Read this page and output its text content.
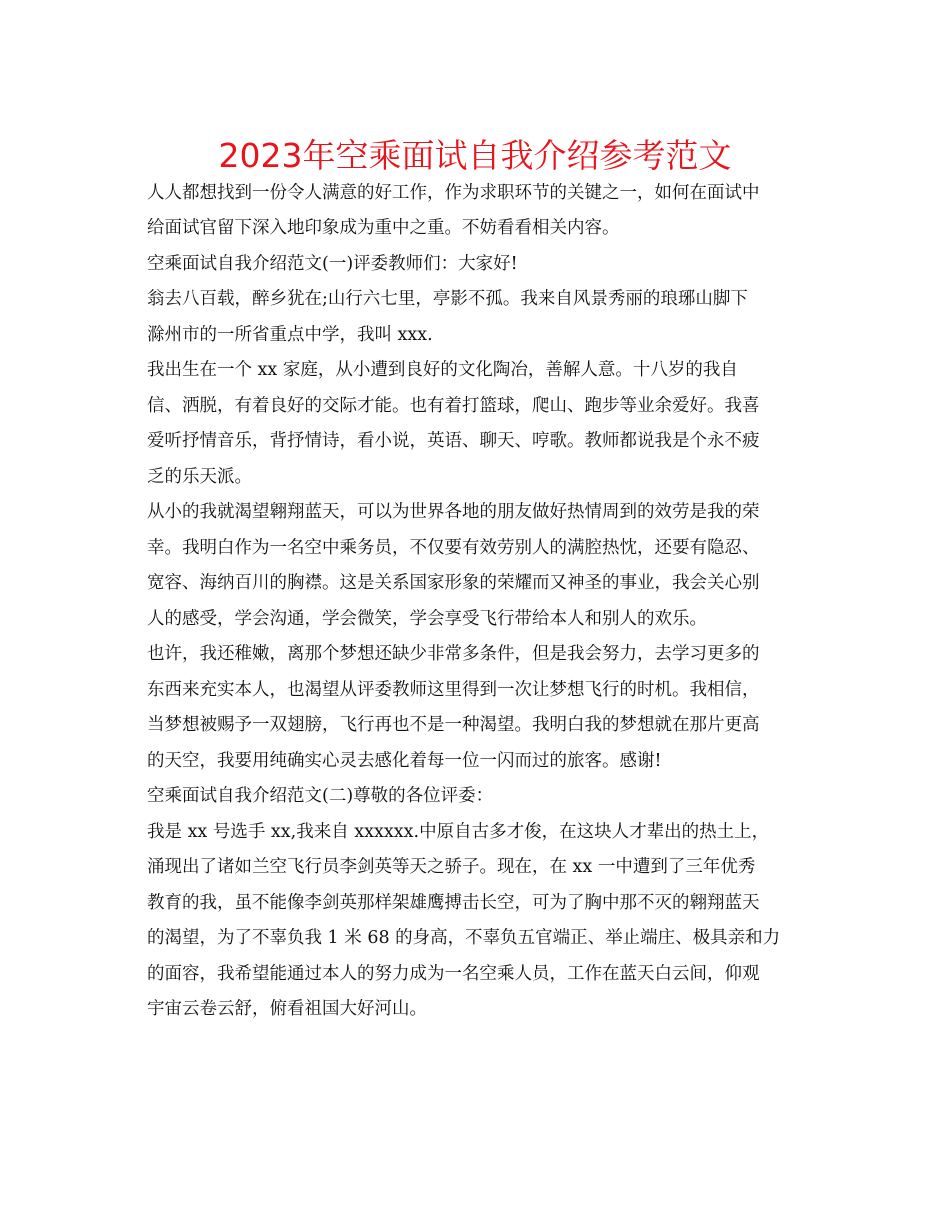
2023年空乘面试自我介绍参考范文
人人都想找到一份令人满意的好工作，作为求职环节的关键之一，如何在面试中
给面试官留下深入地印象成为重中之重。不妨看看相关内容。
空乘面试自我介绍范文(一)评委教师们：大家好!
翁去八百载，醉乡犹在;山行六七里，亭影不孤。我来自风景秀丽的琅琊山脚下
滁州市的一所省重点中学，我叫 xxx.
我出生在一个 xx 家庭，从小遭到良好的文化陶冶，善解人意。十八岁的我自
信、洒脱，有着良好的交际才能。也有着打篮球，爬山、跑步等业余爱好。我喜
爱听抒情音乐，背抒情诗，看小说，英语、聊天、哼歌。教师都说我是个永不疲
乏的乐天派。
从小的我就渴望翱翔蓝天，可以为世界各地的朋友做好热情周到的效劳是我的荣
幸。我明白作为一名空中乘务员，不仅要有效劳别人的满腔热忱，还要有隐忍、
宽容、海纳百川的胸襟。这是关系国家形象的荣耀而又神圣的事业，我会关心别
人的感受，学会沟通，学会微笑，学会享受飞行带给本人和别人的欢乐。
也许，我还稚嫩，离那个梦想还缺少非常多条件，但是我会努力，去学习更多的
东西来充实本人，也渴望从评委教师这里得到一次让梦想飞行的时机。我相信，
当梦想被赐予一双翅膀，飞行再也不是一种渴望。我明白我的梦想就在那片更高
的天空，我要用纯确实心灵去感化着每一位一闪而过的旅客。感谢!
空乘面试自我介绍范文(二)尊敬的各位评委：
我是 xx 号选手 xx,我来自 xxxxxx.中原自古多才俊，在这块人才辈出的热土上，
涌现出了诸如兰空飞行员李剑英等天之骄子。现在，在 xx 一中遭到了三年优秀
教育的我，虽不能像李剑英那样架雄鹰搏击长空，可为了胸中那不灭的翱翔蓝天
的渴望，为了不辜负我 1 米 68 的身高，不辜负五官端正、举止端庄、极具亲和力
的面容，我希望能通过本人的努力成为一名空乘人员，工作在蓝天白云间，仰观
宇宙云卷云舒，俯看祖国大好河山。
